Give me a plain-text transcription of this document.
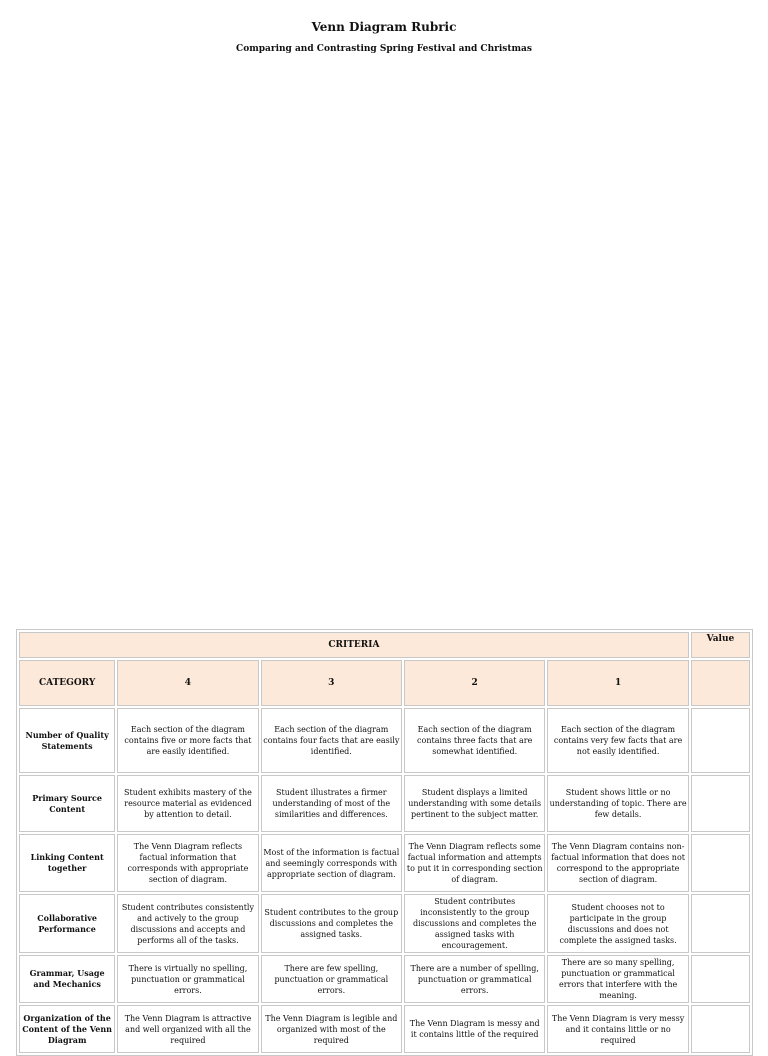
Venn Diagram Rubric
Comparing and Contrasting Spring Festival and Christmas
CRITERIA					Value
CATEGORY	4	3	2	1	
Number of Quality Statements	Each section of the diagram contains five or more facts that are easily identified.	Each section of the diagram contains four facts that are easily identified.	Each section of the diagram contains three facts that are somewhat identified.	Each section of the diagram contains very few facts that are not easily identified.	
Primary Source Content	Student exhibits mastery of the resource material as evidenced by attention to detail.	Student illustrates a firmer understanding of most of the similarities and differences.	Student displays a limited understanding with some details pertinent to the subject matter.	Student shows little or no understanding of topic. There are few details.	
Linking Content together	The Venn Diagram reflects factual information that corresponds with appropriate section of diagram.	Most of the information is factual and seemingly corresponds with appropriate section of diagram.	The Venn Diagram reflects some factual information and attempts to put it in corresponding section of diagram.	The Venn Diagram contains non-factual information that does not correspond to the appropriate section of diagram.	
Collaborative Performance	Student contributes consistently and actively to the group discussions and accepts and performs all of the tasks.	Student contributes to the group discussions and completes the assigned tasks.	Student contributes inconsistently to the group discussions and completes the assigned tasks with encouragement.	Student chooses not to participate in the group discussions and does not complete the assigned tasks.	
Grammar, Usage and Mechanics	There is virtually no spelling, punctuation or grammatical errors.	There are few spelling, punctuation or grammatical errors.	There are a number of spelling, punctuation or grammatical errors.	There are so many spelling, punctuation or grammatical errors that interfere with the meaning.	
Organization of the Content of the Venn Diagram	The Venn Diagram is attractive and well organized with all the required	The Venn Diagram is legible and organized with most of the required	The Venn Diagram is messy and it contains little of the required	The Venn Diagram is very messy and it contains little or no required	
